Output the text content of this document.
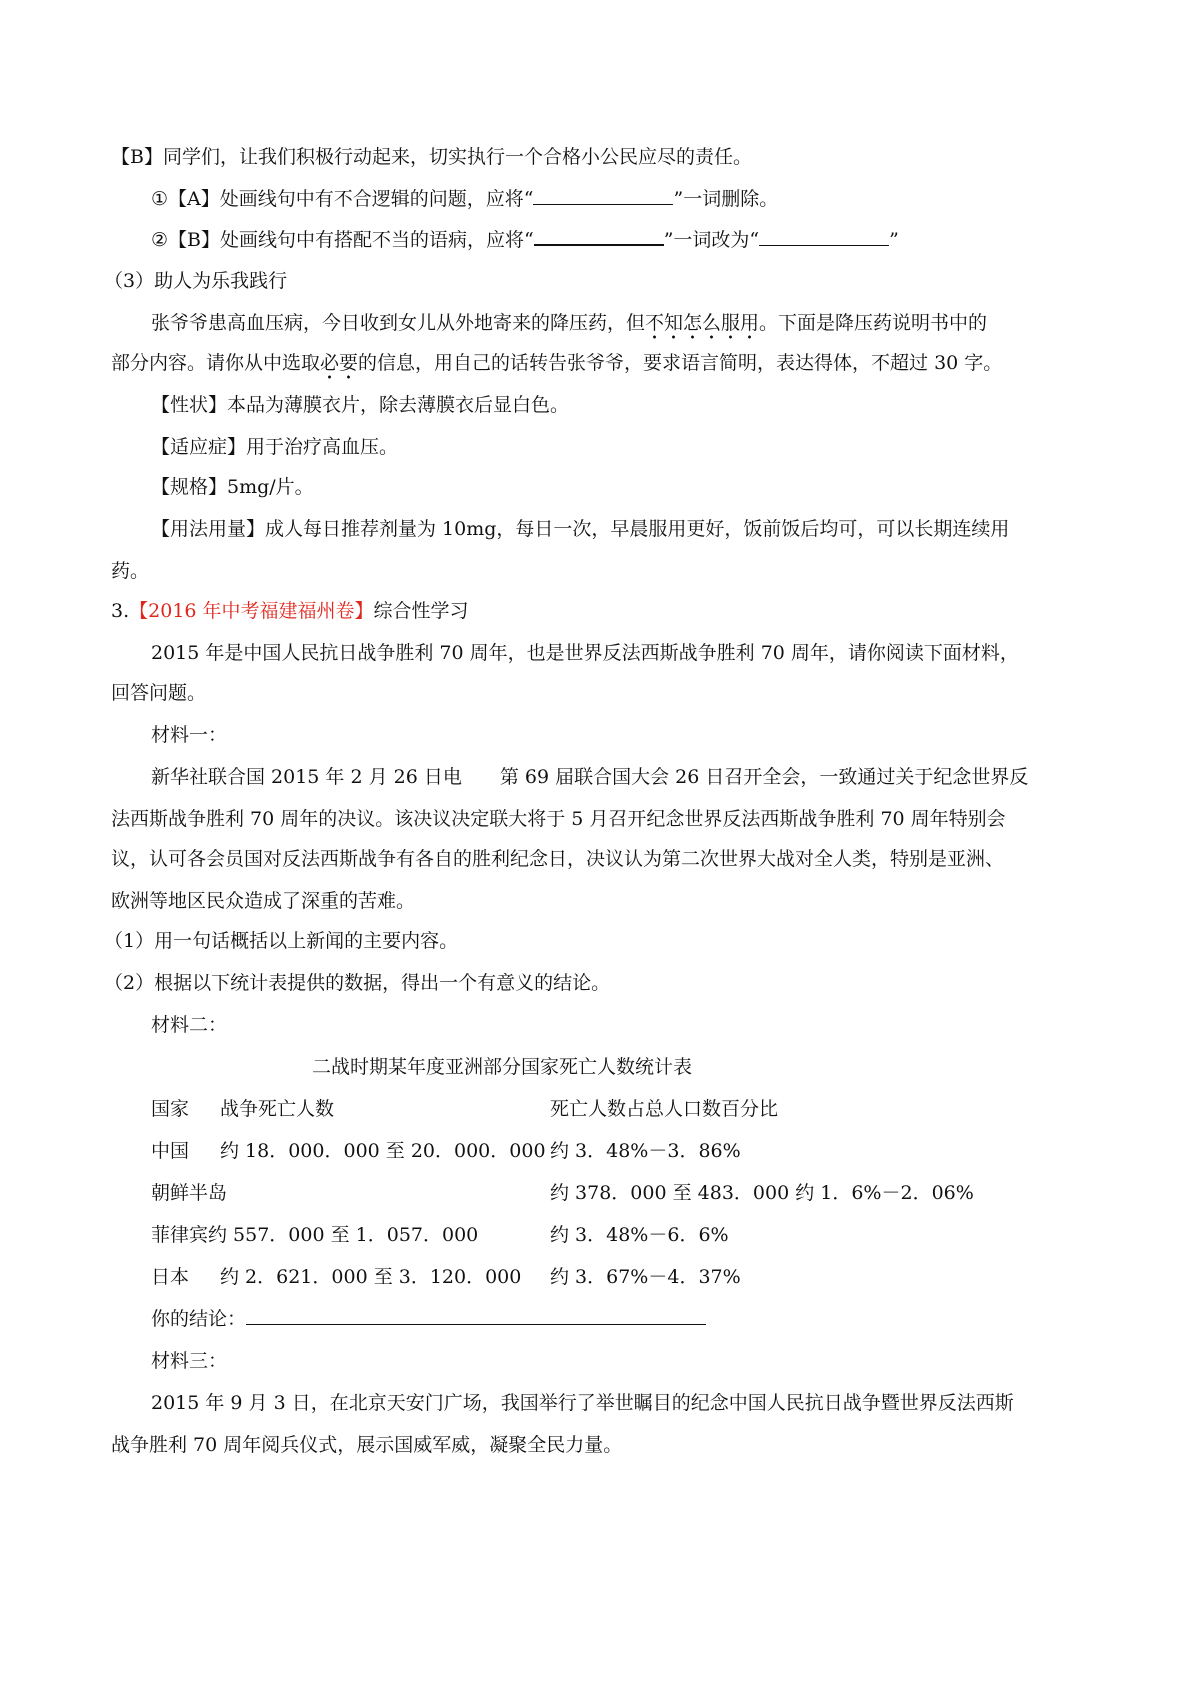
【B】同学们，让我们积极行动起来，切实执行一个合格小公民应尽的责任。
①【A】处画线句中有不合逻辑的问题，应将“	”一词删除。
②【B】处画线句中有搭配不当的语病，应将“	”一词改为“	”
（3）助人为乐我践行
张爷爷患高血压病，今日收到女儿从外地寄来的降压药，但不知怎么服用。下面是降压药说明书中的
部分内容。请你从中选取必要的信息，用自己的话转告张爷爷，要求语言简明，表达得体，不超过 30 字。
【性状】本品为薄膜衣片，除去薄膜衣后显白色。
【适应症】用于治疗高血压。
【规格】5mg/片。
【用法用量】成人每日推荐剂量为 10mg，每日一次，早晨服用更好，饭前饭后均可，可以长期连续用
药。
3.【2016 年中考福建福州卷】综合性学习
2015 年是中国人民抗日战争胜利 70 周年，也是世界反法西斯战争胜利 70 周年，请你阅读下面材料，
回答问题。
材料一：
新华社联合国 2015 年 2 月 26 日电　　第 69 届联合国大会 26 日召开全会，一致通过关于纪念世界反
法西斯战争胜利 70 周年的决议。该决议决定联大将于 5 月召开纪念世界反法西斯战争胜利 70 周年特别会
议，认可各会员国对反法西斯战争有各自的胜利纪念日，决议认为第二次世界大战对全人类，特别是亚洲、
欧洲等地区民众造成了深重的苦难。
（1）用一句话概括以上新闻的主要内容。
（2）根据以下统计表提供的数据，得出一个有意义的结论。
材料二：
二战时期某年度亚洲部分国家死亡人数统计表
国家 战争死亡人数	死亡人数占总人口数百分比
中国 约 18．000．000 至 20．000．000 约 3．48%－3．86%
朝鲜半岛	约 378．000 至 483．000 约 1．6%－2．06%
菲律宾 约 557．000 至 1．057．000	约 3．48%－6．6%
日本 约 2．621．000 至 3．120．000 约 3．67%－4．37%
你的结论：
材料三：
2015 年 9 月 3 日，在北京天安门广场，我国举行了举世瞩目的纪念中国人民抗日战争暨世界反法西斯
战争胜利 70 周年阅兵仪式，展示国威军威，凝聚全民力量。
